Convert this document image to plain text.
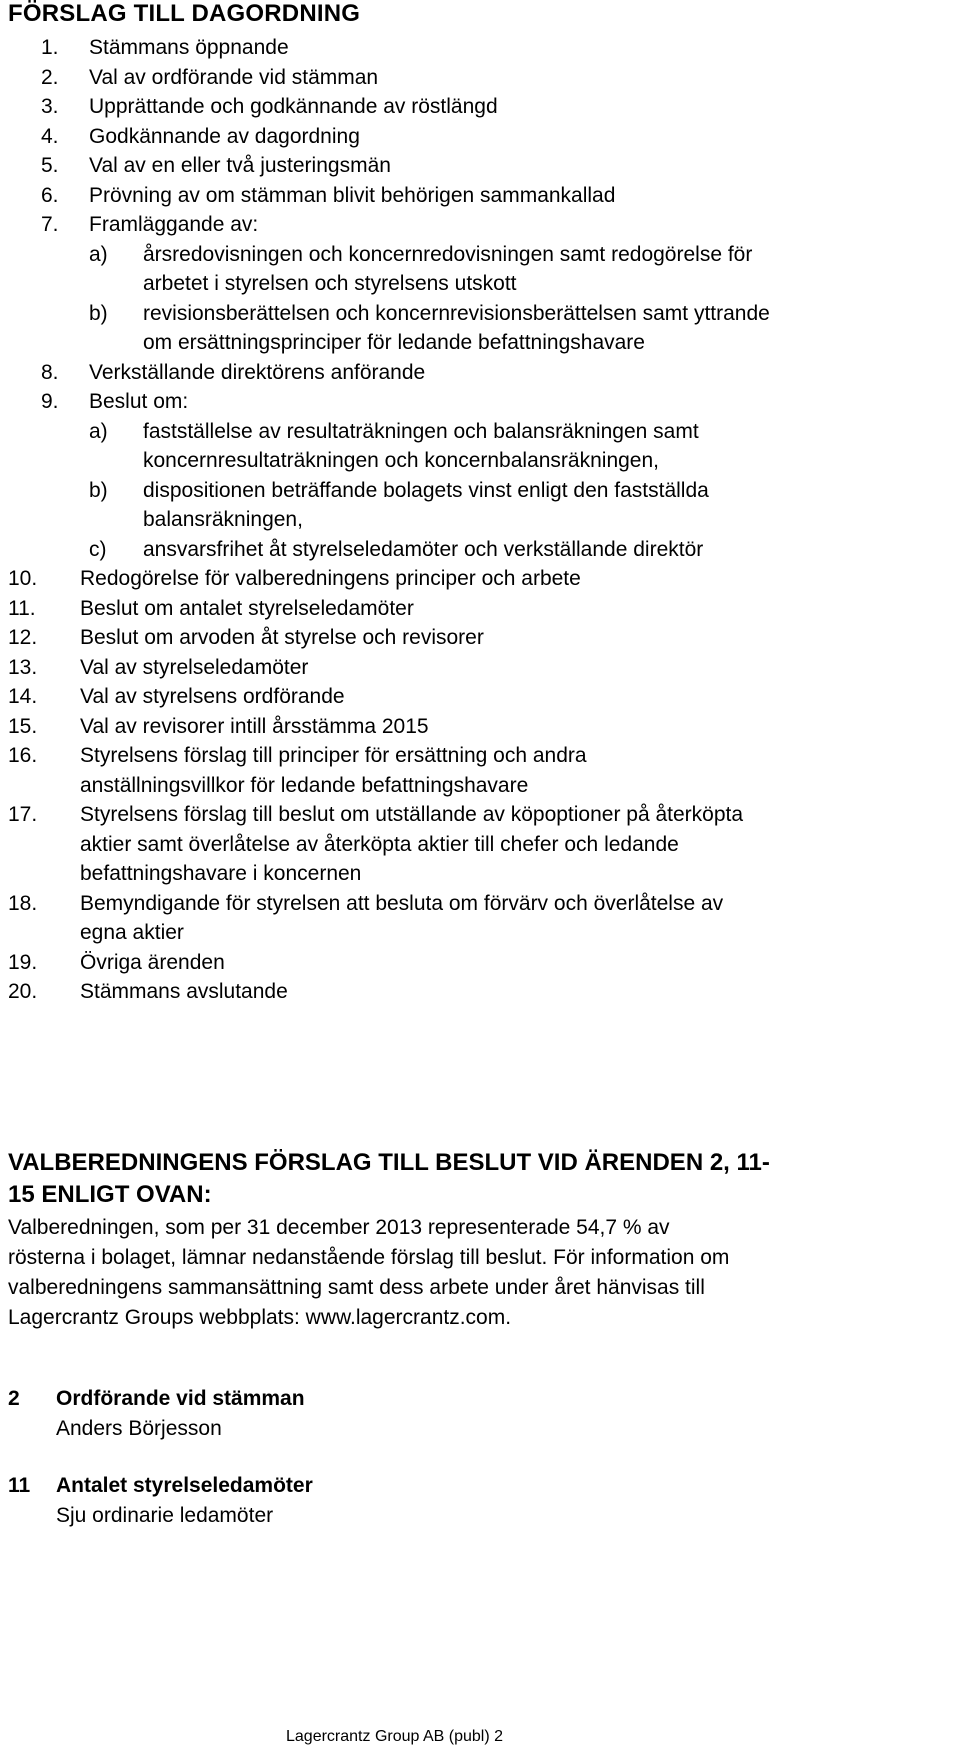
FÖRSLAG TILL DAGORDNING
1. Stämmans öppnande
2. Val av ordförande vid stämman
3. Upprättande och godkännande av röstlängd
4. Godkännande av dagordning
5. Val av en eller två justeringsmän
6. Prövning av om stämman blivit behörigen sammankallad
7. Framläggande av:
a) årsredovisningen och koncernredovisningen samt redogörelse för
arbetet i styrelsen och styrelsens utskott
b) revisionsberättelsen och koncernrevisionsberättelsen samt yttrande
om ersättningsprinciper för ledande befattningshavare
8. Verkställande direktörens anförande
9. Beslut om:
a) fastställelse av resultaträkningen och balansräkningen samt
koncernresultaträkningen och koncernbalansräkningen,
b) dispositionen beträffande bolagets vinst enligt den fastställda
balansräkningen,
c) ansvarsfrihet åt styrelseledamöter och verkställande direktör
10. Redogörelse för valberedningens principer och arbete
11. Beslut om antalet styrelseledamöter
12. Beslut om arvoden åt styrelse och revisorer
13. Val av styrelseledamöter
14. Val av styrelsens ordförande
15. Val av revisorer intill årsstämma 2015
16. Styrelsens förslag till principer för ersättning och andra
anställningsvillkor för ledande befattningshavare
17. Styrelsens förslag till beslut om utställande av köpoptioner på återköpta
aktier samt överlåtelse av återköpta aktier till chefer och ledande
befattningshavare i koncernen
18. Bemyndigande för styrelsen att besluta om förvärv och överlåtelse av
egna aktier
19. Övriga ärenden
20. Stämmans avslutande
VALBEREDNINGENS FÖRSLAG TILL BESLUT VID ÄRENDEN 2, 11-
15 ENLIGT OVAN:

Valberedningen, som per 31 december 2013 representerade 54,7 % av
rösterna i bolaget, lämnar nedanstående förslag till beslut. För information om
valberedningens sammansättning samt dess arbete under året hänvisas till
Lagercrantz Groups webbplats: www.lagercrantz.com.

2 Ordförande vid stämman
Anders Börjesson
11 Antalet styrelseledamöter
Sju ordinarie ledamöter
Lagercrantz Group AB (publ) 2
